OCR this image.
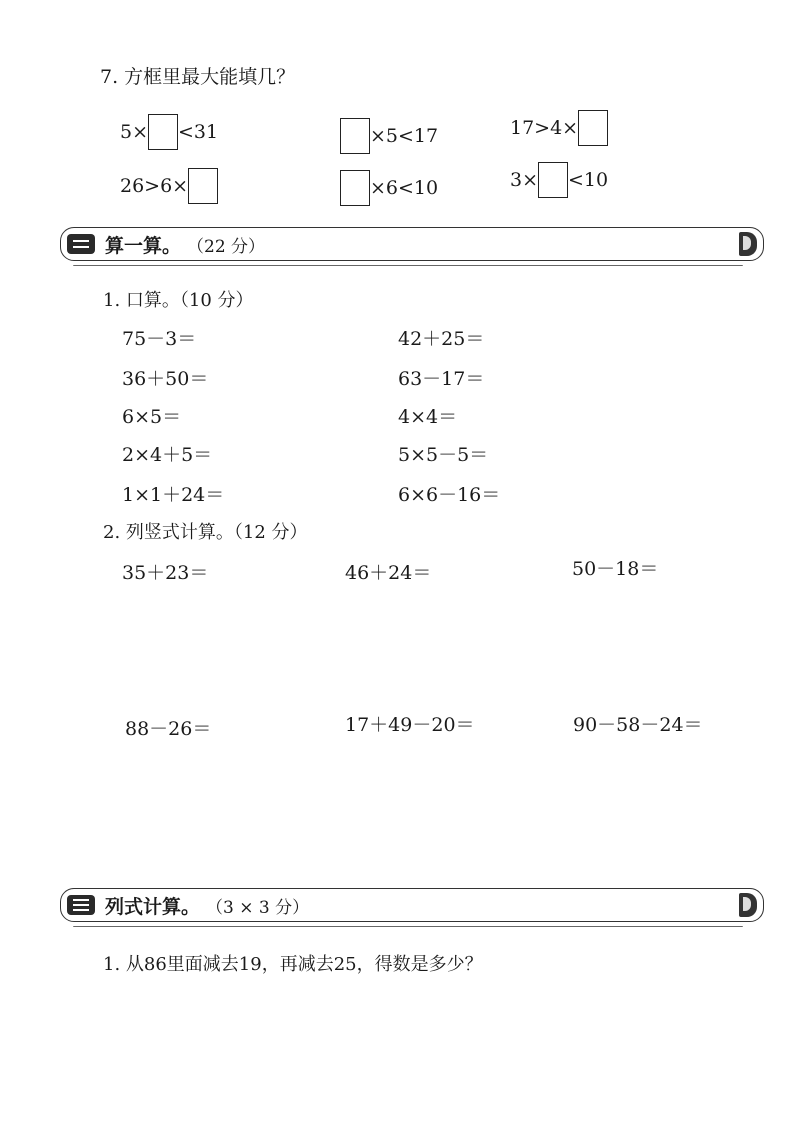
7. 方框里最大能填几？
5× <31	×5<17	17>4×
26>6×	×6<10	3× <10
算一算。 （22 分）
1. 口算。（10 分）
75－3＝	42＋25＝
36＋50＝	63－17＝
6×5＝	4×4＝
2×4＋5＝	5×5－5＝
1×1＋24＝	6×6－16＝
2. 列竖式计算。（12 分）
35＋23＝	46＋24＝	50－18＝
88－26＝	17＋49－20＝	90－58－24＝
列式计算。 （3 × 3 分）
1. 从86里面减去19，再减去25，得数是多少？
